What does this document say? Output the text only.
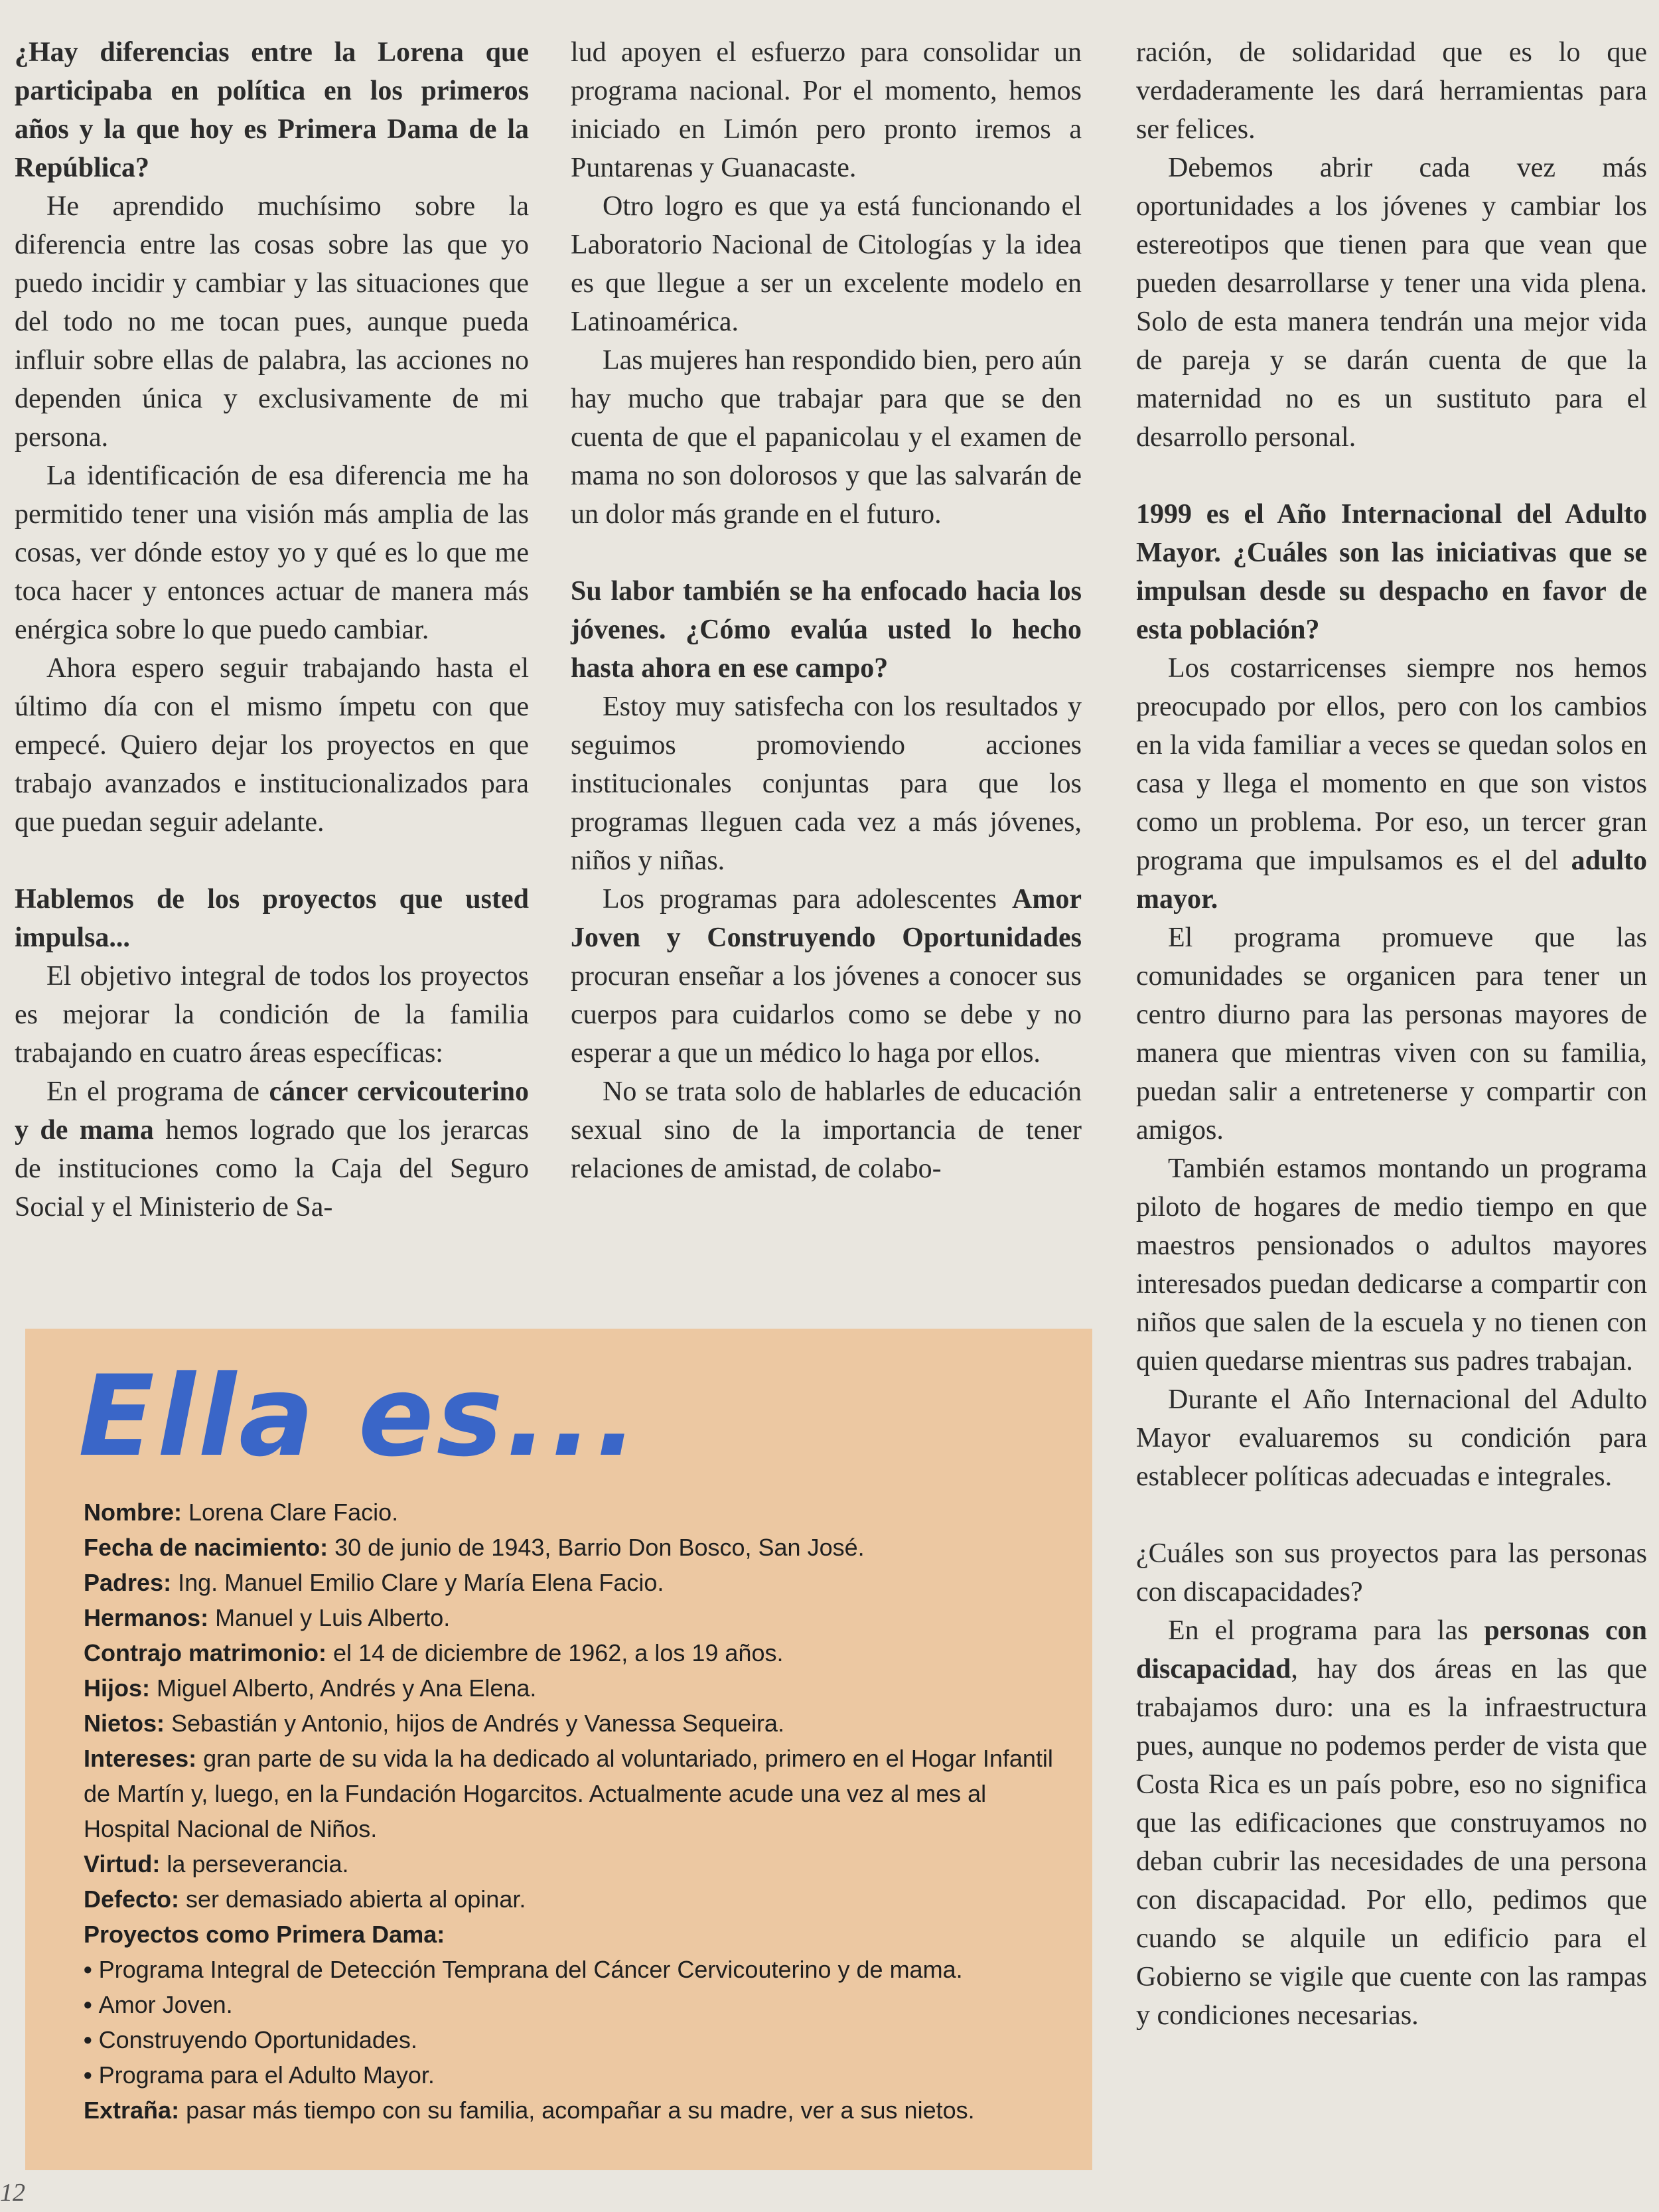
¿Hay diferencias entre la Lorena que participaba en política en los primeros años y la que hoy es Primera Dama de la República?

He aprendido muchísimo sobre la diferencia entre las cosas sobre las que yo puedo incidir y cambiar y las situaciones que del todo no me tocan pues, aunque pueda influir sobre ellas de palabra, las acciones no dependen única y exclusivamente de mi persona.

La identificación de esa diferencia me ha permitido tener una visión más amplia de las cosas, ver dónde estoy yo y qué es lo que me toca hacer y entonces actuar de manera más enérgica sobre lo que puedo cambiar.

Ahora espero seguir trabajando hasta el último día con el mismo ímpetu con que empecé. Quiero dejar los proyectos en que trabajo avanzados e institucionalizados para que puedan seguir adelante.

Hablemos de los proyectos que usted impulsa...

El objetivo integral de todos los proyectos es mejorar la condición de la familia trabajando en cuatro áreas específicas:

En el programa de cáncer cervicouterino y de mama hemos logrado que los jerarcas de instituciones como la Caja del Seguro Social y el Ministerio de Sa-

lud apoyen el esfuerzo para consolidar un programa nacional. Por el momento, hemos iniciado en Limón pero pronto iremos a Puntarenas y Guanacaste.

Otro logro es que ya está funcionando el Laboratorio Nacional de Citologías y la idea es que llegue a ser un excelente modelo en Latinoamérica.

Las mujeres han respondido bien, pero aún hay mucho que trabajar para que se den cuenta de que el papanicolau y el examen de mama no son dolorosos y que las salvarán de un dolor más grande en el futuro.

Su labor también se ha enfocado hacia los jóvenes. ¿Cómo evalúa usted lo hecho hasta ahora en ese campo?

Estoy muy satisfecha con los resultados y seguimos promoviendo acciones institucionales conjuntas para que los programas lleguen cada vez a más jóvenes, niños y niñas.

Los programas para adolescentes Amor Joven y Construyendo Oportunidades procuran enseñar a los jóvenes a conocer sus cuerpos para cuidarlos como se debe y no esperar a que un médico lo haga por ellos.

No se trata solo de hablarles de educación sexual sino de la importancia de tener relaciones de amistad, de colabo-

ración, de solidaridad que es lo que verdaderamente les dará herramientas para ser felices.

Debemos abrir cada vez más oportunidades a los jóvenes y cambiar los estereotipos que tienen para que vean que pueden desarrollarse y tener una vida plena. Solo de esta manera tendrán una mejor vida de pareja y se darán cuenta de que la maternidad no es un sustituto para el desarrollo personal.

1999 es el Año Internacional del Adulto Mayor. ¿Cuáles son las iniciativas que se impulsan desde su despacho en favor de esta población?

Los costarricenses siempre nos hemos preocupado por ellos, pero con los cambios en la vida familiar a veces se quedan solos en casa y llega el momento en que son vistos como un problema. Por eso, un tercer gran programa que impulsamos es el del adulto mayor.

El programa promueve que las comunidades se organicen para tener un centro diurno para las personas mayores de manera que mientras viven con su familia, puedan salir a entretenerse y compartir con amigos.

También estamos montando un programa piloto de hogares de medio tiempo en que maestros pensionados o adultos mayores interesados puedan dedicarse a compartir con niños que salen de la escuela y no tienen con quien quedarse mientras sus padres trabajan.

Durante el Año Internacional del Adulto Mayor evaluaremos su condición para establecer políticas adecuadas e integrales.

¿Cuáles son sus proyectos para las personas con discapacidades?

En el programa para las personas con discapacidad, hay dos áreas en las que trabajamos duro: una es la infraestructura pues, aunque no podemos perder de vista que Costa Rica es un país pobre, eso no significa que las edificaciones que construyamos no deban cubrir las necesidades de una persona con discapacidad. Por ello, pedimos que cuando se alquile un edificio para el Gobierno se vigile que cuente con las rampas y condiciones necesarias.

Ella es...

Nombre: Lorena Clare Facio.

Fecha de nacimiento: 30 de junio de 1943, Barrio Don Bosco, San José.

Padres: Ing. Manuel Emilio Clare y María Elena Facio.

Hermanos: Manuel y Luis Alberto.

Contrajo matrimonio: el 14 de diciembre de 1962, a los 19 años.

Hijos: Miguel Alberto, Andrés y Ana Elena.

Nietos: Sebastián y Antonio, hijos de Andrés y Vanessa Sequeira.

Intereses: gran parte de su vida la ha dedicado al voluntariado, primero en el Hogar Infantil de Martín y, luego, en la Fundación Hogarcitos. Actualmente acude una vez al mes al Hospital Nacional de Niños.

Virtud: la perseverancia.

Defecto: ser demasiado abierta al opinar.

Proyectos como Primera Dama:

• Programa Integral de Detección Temprana del Cáncer Cervicouterino y de mama.
• Amor Joven.
• Construyendo Oportunidades.
• Programa para el Adulto Mayor.

Extraña: pasar más tiempo con su familia, acompañar a su madre, ver a sus nietos.

12
